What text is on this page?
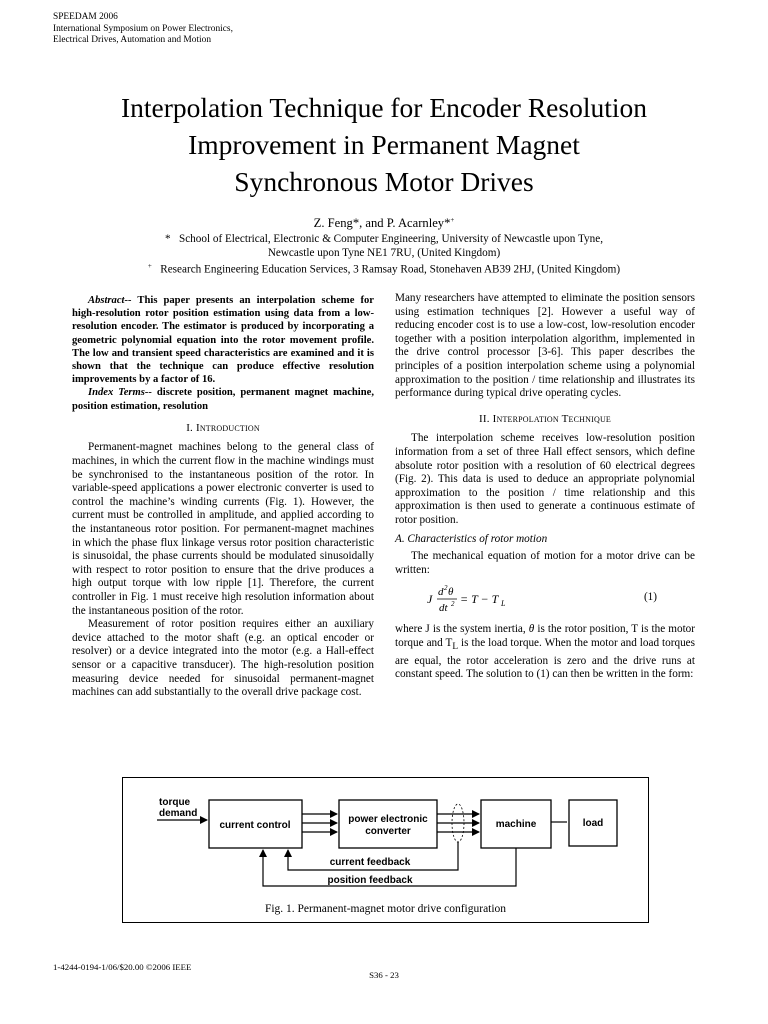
SPEEDAM 2006
International Symposium on Power Electronics,
Electrical Drives, Automation and Motion
Interpolation Technique for Encoder Resolution
Improvement in Permanent Magnet
Synchronous Motor Drives
Z. Feng*, and P. Acarnley*+
* School of Electrical, Electronic & Computer Engineering, University of Newcastle upon Tyne,
Newcastle upon Tyne NE1 7RU, (United Kingdom)
+ Research Engineering Education Services, 3 Ramsay Road, Stonehaven AB39 2HJ, (United Kingdom)

Abstract-- This paper presents an interpolation scheme for high-resolution rotor position estimation using data from a low-resolution encoder. The estimator is produced by incorporating a geometric polynomial equation into the rotor movement profile. The low and transient speed characteristics are examined and it is shown that the technique can produce effective resolution improvements by a factor of 16.

Index Terms-- discrete position, permanent magnet machine, position estimation, resolution

I. Introduction

Permanent-magnet machines belong to the general class of machines, in which the current flow in the machine windings must be synchronised to the instantaneous position of the rotor. In variable-speed applications a power electronic converter is used to control the machine’s winding currents (Fig. 1). However, the current must be controlled in amplitude, and applied according to the instantaneous rotor position. For permanent-magnet machines in which the phase flux linkage versus rotor position characteristic is sinusoidal, the phase currents should be modulated sinusoidally with respect to rotor position to ensure that the drive produces a high output torque with low ripple [1]. Therefore, the current controller in Fig. 1 must receive high resolution information about the instantaneous position of the rotor.

Measurement of rotor position requires either an auxiliary device attached to the motor shaft (e.g. an optical encoder or resolver) or a device integrated into the motor (e.g. a Hall-effect sensor or a capacitive transducer). The high-resolution position measuring device needed for sinusoidal permanent-magnet machines can add substantially to the overall drive package cost.

Many researchers have attempted to eliminate the position sensors using estimation techniques [2]. However a useful way of reducing encoder cost is to use a low-cost, low-resolution encoder together with a position interpolation algorithm, implemented in the drive control processor [3-6]. This paper describes the principles of a position interpolation scheme using a polynomial approximation to the position / time relationship and illustrates its performance during typical drive operating cycles.

II. Interpolation Technique

The interpolation scheme receives low-resolution position information from a set of three Hall effect sensors, which define absolute rotor position with a resolution of 60 electrical degrees (Fig. 2). This data is used to deduce an appropriate polynomial approximation to the position / time relationship and this approximation is then used to generate a continuous estimate of rotor position.

A. Characteristics of rotor motion

The mechanical equation of motion for a motor drive can be written:

J d 2 θ
dt 2 = T − T L
(1)

where J is the system inertia, θ is the rotor position, T is the motor torque and $T_L$ is the load torque. When the motor and load torques are equal, the rotor acceleration is zero and the drive runs at constant speed. The solution to (1) can then be written in the form:

torque
demand
current control
power electronic
converter
machine	load
current feedback
position feedback
Fig. 1. Permanent-magnet motor drive configuration
1-4244-0194-1/06/$20.00 ©2006 IEEE
S36 - 23
